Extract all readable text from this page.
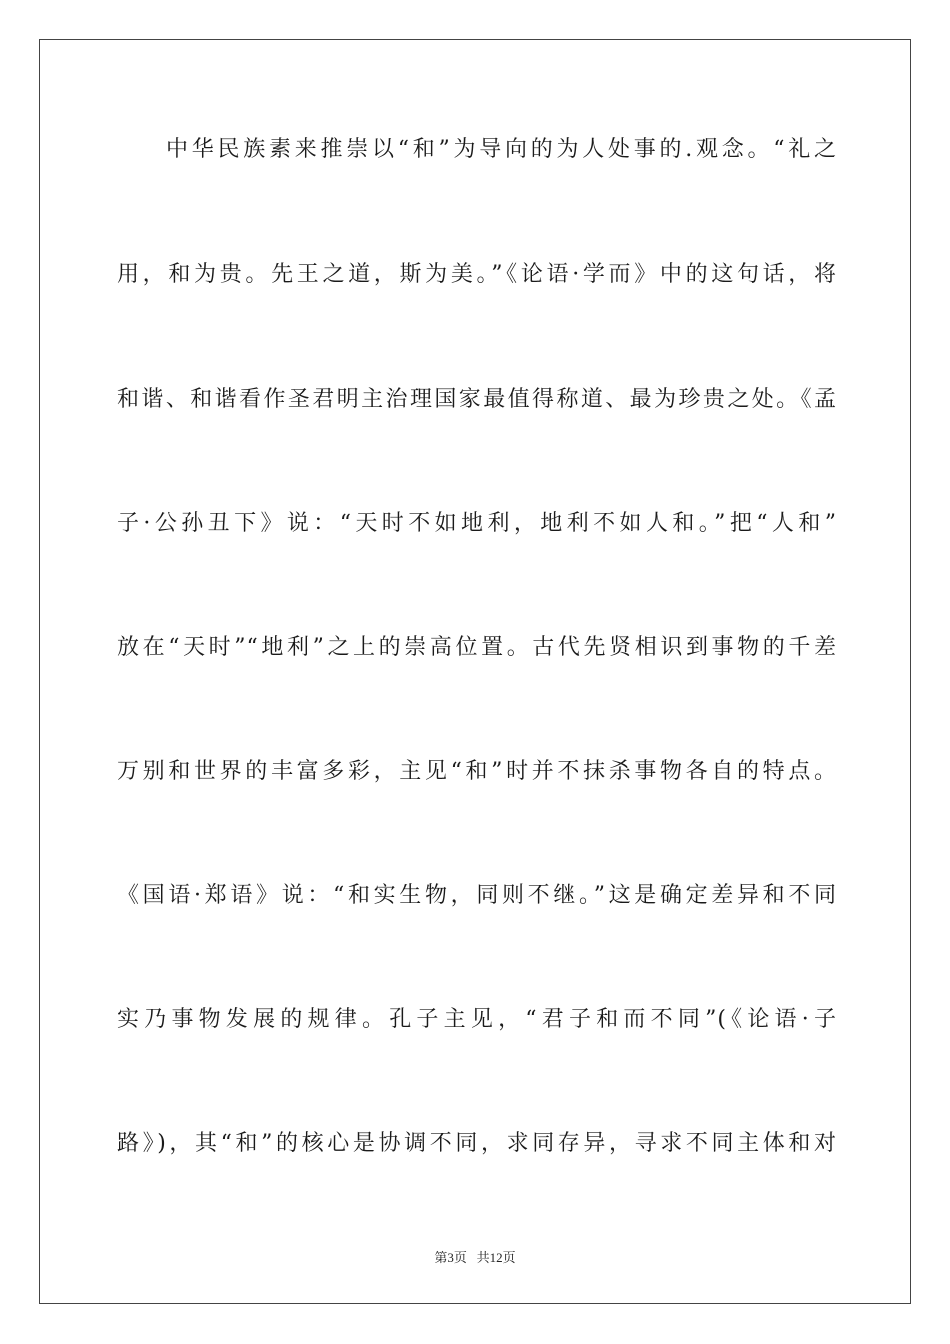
中华民族素来推崇以“和”为导向的为人处事的.观念。“礼之
用，和为贵。先王之道，斯为美。”《论语·学而》中的这句话，将
和谐、和谐看作圣君明主治理国家最值得称道、最为珍贵之处。《孟
子·公孙丑下》说：“天时不如地利，地利不如人和。”把“人和”
放在“天时”“地利”之上的崇高位置。古代先贤相识到事物的千差
万别和世界的丰富多彩，主见“和”时并不抹杀事物各自的特点。
《国语·郑语》说：“和实生物，同则不继。”这是确定差异和不同
实乃事物发展的规律。孔子主见，“君子和而不同”(《论语·子
路》)，其“和”的核心是协调不同，求同存异，寻求不同主体和对
第3页 共12页
